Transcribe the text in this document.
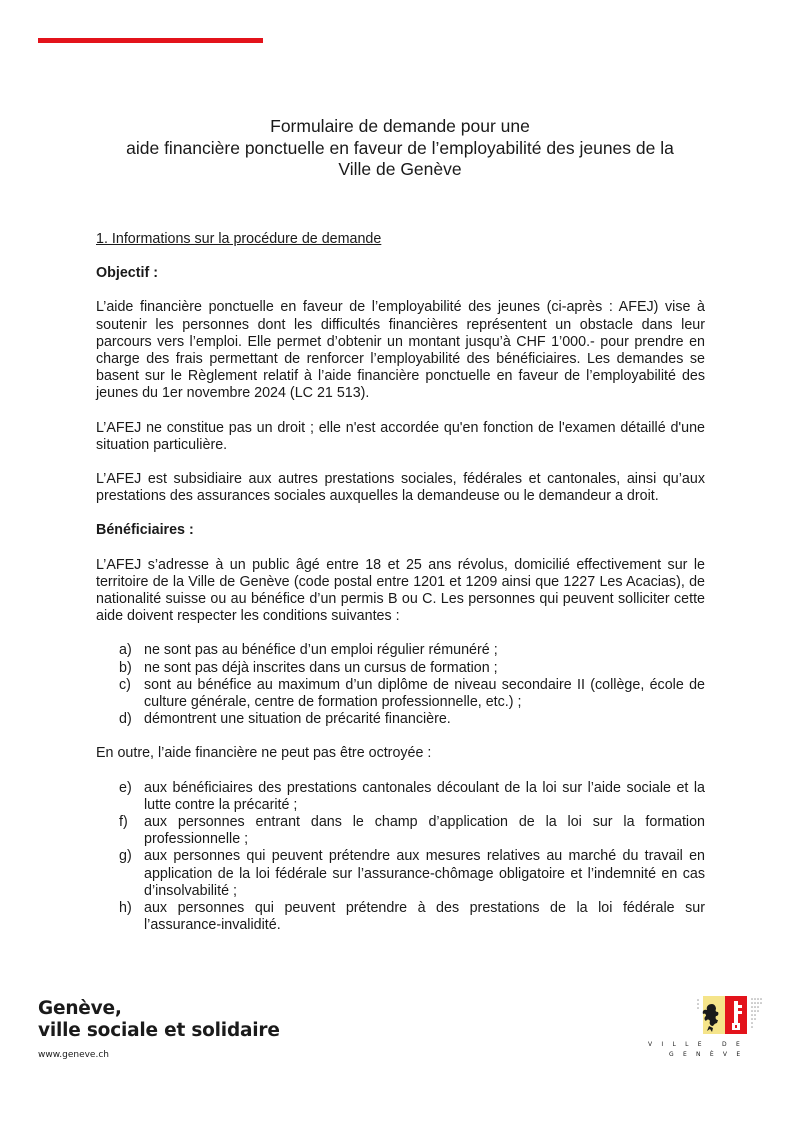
Formulaire de demande pour une
aide financière ponctuelle en faveur de l’employabilité des jeunes de la
Ville de Genève
1. Informations sur la procédure de demande
Objectif :
L’aide financière ponctuelle en faveur de l’employabilité des jeunes (ci-après : AFEJ) vise à soutenir les personnes dont les difficultés financières représentent un obstacle dans leur parcours vers l’emploi. Elle permet d’obtenir un montant jusqu’à CHF 1’000.- pour prendre en charge des frais permettant de renforcer l’employabilité des bénéficiaires. Les demandes se basent sur le Règlement relatif à l’aide financière ponctuelle en faveur de l’employabilité des jeunes du 1er novembre 2024 (LC 21 513).
L’AFEJ ne constitue pas un droit ; elle n'est accordée qu'en fonction de l'examen détaillé d'une situation particulière.
L’AFEJ est subsidiaire aux autres prestations sociales, fédérales et cantonales, ainsi qu’aux prestations des assurances sociales auxquelles la demandeuse ou le demandeur a droit.
Bénéficiaires :
L’AFEJ s’adresse à un public âgé entre 18 et 25 ans révolus, domicilié effectivement sur le territoire de la Ville de Genève (code postal entre 1201 et 1209 ainsi que 1227 Les Acacias), de nationalité suisse ou au bénéfice d’un permis B ou C. Les personnes qui peuvent solliciter cette aide doivent respecter les conditions suivantes :
a) ne sont pas au bénéfice d’un emploi régulier rémunéré ;
b) ne sont pas déjà inscrites dans un cursus de formation ;
c) sont au bénéfice au maximum d’un diplôme de niveau secondaire II (collège, école de culture générale, centre de formation professionnelle, etc.) ;
d) démontrent une situation de précarité financière.
En outre, l’aide financière ne peut pas être octroyée :
e) aux bénéficiaires des prestations cantonales découlant de la loi sur l’aide sociale et la lutte contre la précarité ;
f)	aux personnes entrant dans le champ d’application de la loi sur la formation professionnelle ;
g) aux personnes qui peuvent prétendre aux mesures relatives au marché du travail en application de la loi fédérale sur l’assurance-chômage obligatoire et l’indemnité en cas d’insolvabilité ;
h) aux personnes qui peuvent prétendre à des prestations de la loi fédérale sur l’assurance-invalidité.
Genève,
ville sociale et solidaire
www.geneve.ch
VILLE DE
GENÈVE
